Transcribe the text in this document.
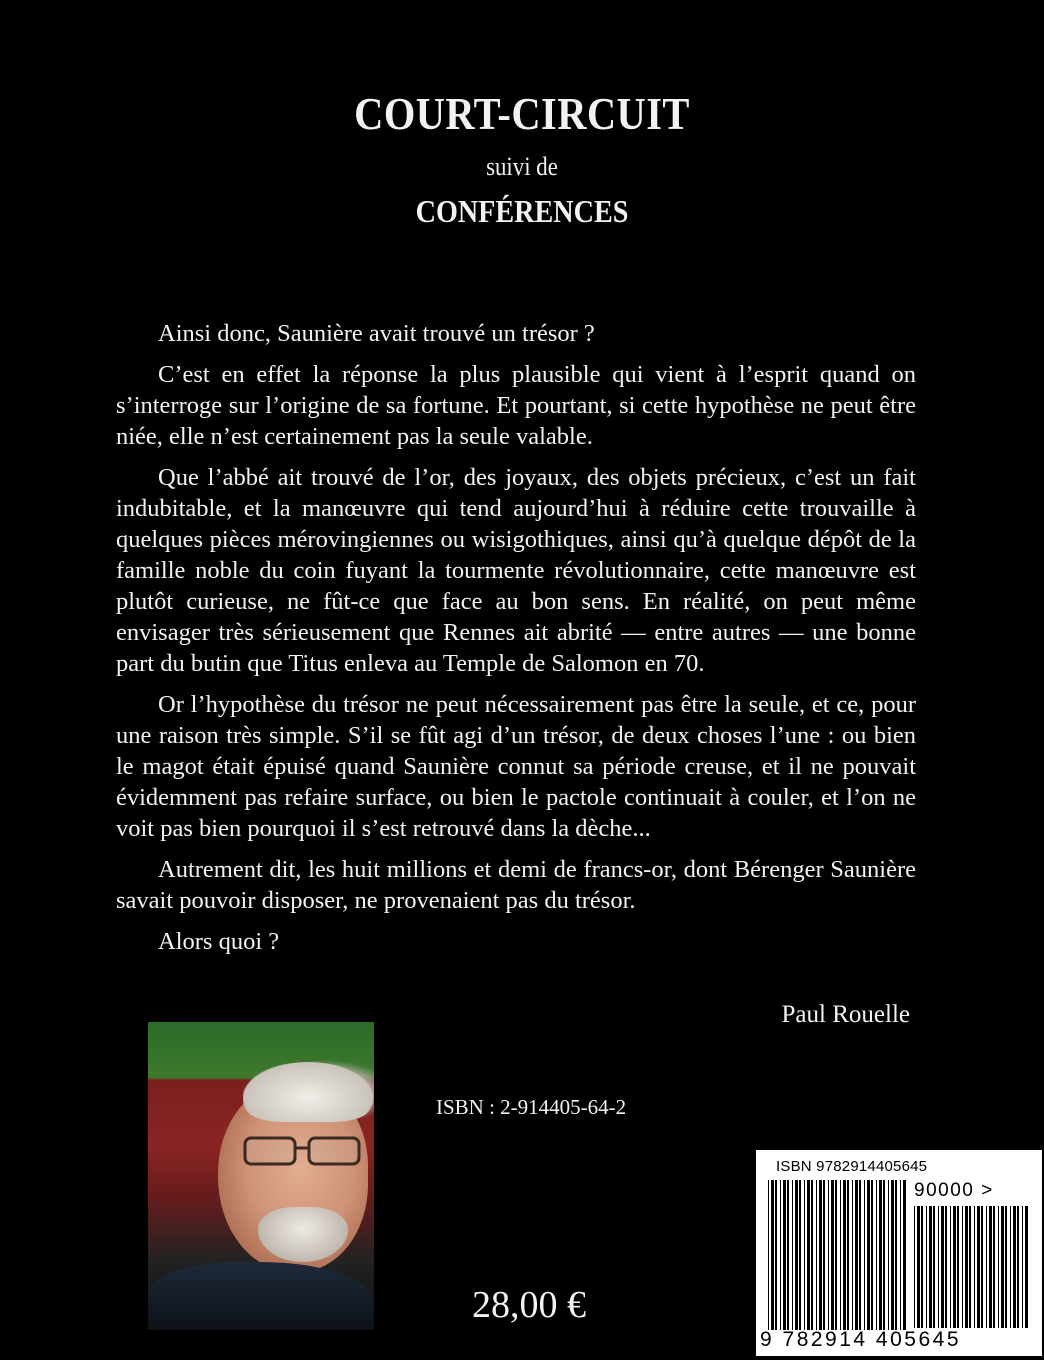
COURT-CIRCUIT
suivi de
CONFÉRENCES

Ainsi donc, Saunière avait trouvé un trésor ?

C’est en effet la réponse la plus plausible qui vient à l’esprit quand on s’interroge sur l’origine de sa fortune. Et pourtant, si cette hypothèse ne peut être niée, elle n’est certainement pas la seule valable.

Que l’abbé ait trouvé de l’or, des joyaux, des objets précieux, c’est un fait indubitable, et la manœuvre qui tend aujourd’hui à réduire cette trouvaille à quelques pièces mérovingiennes ou wisigothiques, ainsi qu’à quelque dépôt de la famille noble du coin fuyant la tourmente révolutionnaire, cette manœuvre est plutôt curieuse, ne fût-ce que face au bon sens. En réalité, on peut même envisager très sérieusement que Rennes ait abrité — entre autres — une bonne part du butin que Titus enleva au Temple de Salomon en 70.

Or l’hypothèse du trésor ne peut nécessairement pas être la seule, et ce, pour une raison très simple. S’il se fût agi d’un trésor, de deux choses l’une : ou bien le magot était épuisé quand Saunière connut sa période creuse, et il ne pouvait évidemment pas refaire surface, ou bien le pactole continuait à couler, et l’on ne voit pas bien pourquoi il s’est retrouvé dans la dèche...

Autrement dit, les huit millions et demi de francs-or, dont Bérenger Saunière savait pouvoir disposer, ne provenaient pas du trésor.

Alors quoi ?

Paul Rouelle
ISBN : 2-914405-64-2
28,00 €
ISBN 9782914405645
90000 >
9 782914 405645
